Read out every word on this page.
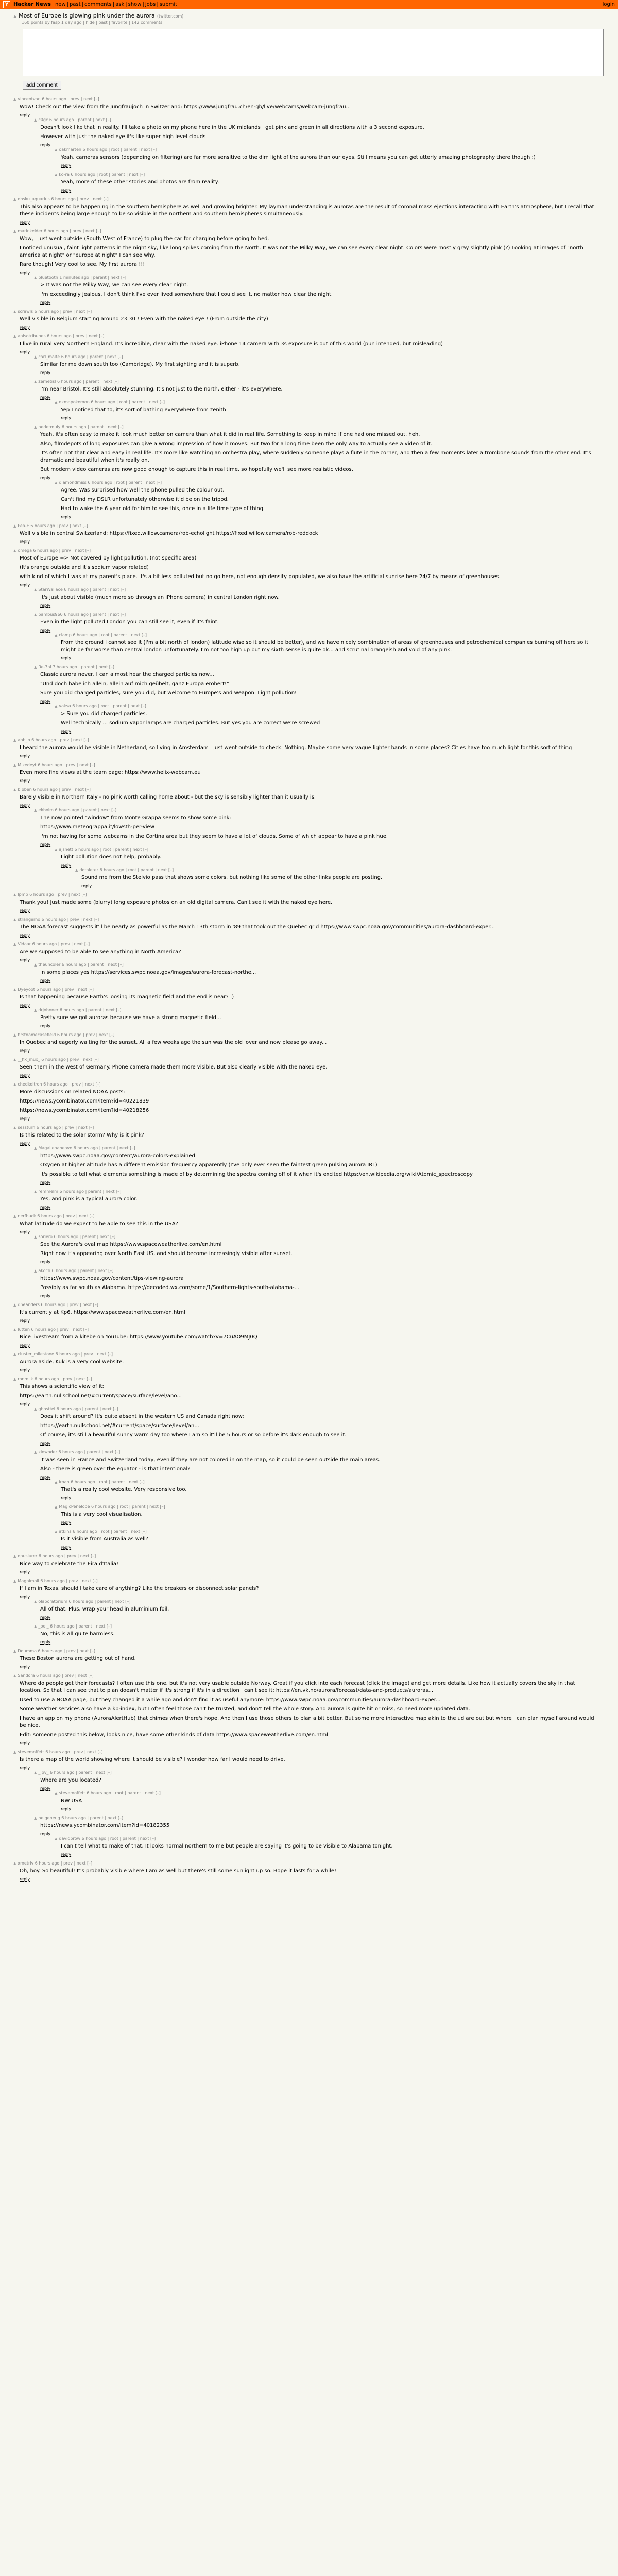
Y Hacker News new | past | comments | ask | show | jobs | submit	login
▲ Most of Europe is glowing pink under the aurora (twitter.com)
160 points by fasp 1 day ago | hide | past | favorite | 142 comments

add comment
▲ vincentvan 6 hours ago | prev | next [–]

Wow! Check out the view from the Jungfraujoch in Switzerland: https://www.jungfrau.ch/en-gb/live/webcams/webcam-jungfrau...

reply
▲ c0gc 6 hours ago | parent | next [–]

Doesn't look like that in reality. I'll take a photo on my phone here in the UK midlands I get pink and green in all directions with a 3 second exposure.

However with just the naked eye it's like super high level clouds

reply
▲ oakmarten 6 hours ago | root | parent | next [–]

Yeah, cameras sensors (depending on filtering) are far more sensitive to the dim light of the aurora than our eyes. Still means you can get utterly amazing photography there though :)

reply
▲ ko-ra 6 hours ago | root | parent | next [–]

Yeah, more of these other stories and photos are from reality.

reply
▲ obsku_aquarius 6 hours ago | prev | next [–]

This also appears to be happening in the southern hemisphere as well and growing brighter. My layman understanding is auroras are the result of coronal mass ejections interacting with Earth's atmosphere, but I recall that these incidents being large enough to be so visible in the northern and southern hemispheres simultaneously.

reply
▲ marinkelder 6 hours ago | prev | next [–]

Wow, I just went outside (South West of France) to plug the car for charging before going to bed.

I noticed unusual, faint light patterns in the night sky, like long spikes coming from the North. It was not the Milky Way, we can see every clear night. Colors were mostly gray slightly pink (?) Looking at images of "north america at night" or "europe at night" I can see why.

Rare though! Very cool to see. My first aurora !!!

reply
▲ bluetooth 1 minutes ago | parent | next [–]

> It was not the Milky Way, we can see every clear night.

I'm exceedingly jealous. I don't think I've ever lived somewhere that I could see it, no matter how clear the night.

reply
▲ scrawls 6 hours ago | prev | next [–]

Well visible in Belgium starting around 23:30 ! Even with the naked eye ! (From outside the city)

reply
▲ anisotribunes 6 hours ago | prev | next [–]

I live in rural very Northern England. It's incredible, clear with the naked eye. iPhone 14 camera with 3s exposure is out of this world (pun intended, but misleading)

reply
▲ carl_malte 6 hours ago | parent | next [–]

Similar for me down south too (Cambridge). My first sighting and it is superb.

reply
▲ zernetisl 6 hours ago | parent | next [–]

I'm near Bristol. It's still absolutely stunning. It's not just to the north, either - it's everywhere.

reply
▲ dkmapokemon 6 hours ago | root | parent | next [–]

Yep I noticed that to, it's sort of bathing everywhere from zenith

reply
▲ nedetmuly 6 hours ago | parent | next [–]

Yeah, it's often easy to make it look much better on camera than what it did in real life. Something to keep in mind if one had one missed out, heh.

Also, filmdepots of long exposures can give a wrong impression of how it moves. But two for a long time been the only way to actually see a video of it.

It's often not that clear and easy in real life. It's more like watching an orchestra play, where suddenly someone plays a flute in the corner, and then a few moments later a trombone sounds from the other end. It's dramatic and beautiful when it's really on.

But modern video cameras are now good enough to capture this in real time, so hopefully we'll see more realistic videos.

reply
▲ diamondmiss 6 hours ago | root | parent | next [–]

Agree. Was surprised how well the phone pulled the colour out.

Can't find my DSLR unfortunately otherwise it'd be on the tripod.

Had to wake the 6 year old for him to see this, once in a life time type of thing

reply
▲ Pea-E 6 hours ago | prev | next [–]

Well visible in central Switzerland: https://fixed.willow.camera/rob-echolight https://fixed.willow.camera/rob-reddock

reply
▲ omega 6 hours ago | prev | next [–]

Most of Europe => Not covered by light pollution. (not specific area)

(It's orange outside and it's sodium vapor related)

with kind of which I was at my parent's place. It's a bit less polluted but no go here, not enough density populated, we also have the artificial sunrise here 24/7 by means of greenhouses.

reply
▲ StarWallace 6 hours ago | parent | next [–]

It's just about visible (much more so through an iPhone camera) in central London right now.

reply
▲ bambus960 6 hours ago | parent | next [–]

Even in the light polluted London you can still see it, even if it's faint.

reply
▲ clamp 6 hours ago | root | parent | next [–]

From the ground I cannot see it (I'm a bit north of london) latitude wise so it should be better), and we have nicely combination of areas of greenhouses and petrochemical companies burning off here so it might be far worse than central london unfortunately. I'm not too high up but my sixth sense is quite ok... and scrutinal orangeish and void of any pink.

reply
▲ Re-3al 7 hours ago | parent | next [–]

Classic aurora never, I can almost hear the charged particles now...

"Und doch habe ich allein, allein auf mich geübelt, ganz Europa erobert!"

Sure you did charged particles, sure you did, but welcome to Europe's and weapon: Light pollution!

reply
▲ vaksa 6 hours ago | root | parent | next [–]

> Sure you did charged particles.

Well technically ... sodium vapor lamps are charged particles. But yes you are correct we're screwed

reply
▲ abb_b 6 hours ago | prev | next [–]

I heard the aurora would be visible in Netherland, so living in Amsterdam I just went outside to check. Nothing. Maybe some very vague lighter bands in some places? Cities have too much light for this sort of thing

reply
▲ Mikedeyt 6 hours ago | prev | next [–]

Even more fine views at the team page: https://www.helix-webcam.eu

reply
▲ bibben 6 hours ago | prev | next [–]

Barely visible in Northern Italy - no pink worth calling home about - but the sky is sensibly lighter than it usually is.

reply
▲ ekholm 6 hours ago | parent | next [–]

The now pointed "window" from Monte Grappa seems to show some pink:

https://www.meteograppa.it/lowsth-per-view

I'm not having for some webcams in the Cortina area but they seem to have a lot of clouds. Some of which appear to have a pink hue.

reply
▲ ajsnett 6 hours ago | root | parent | next [–]

Light pollution does not help, probably.

reply
▲ dotaleter 6 hours ago | root | parent | next [–]

Sound me from the Stelvio pass that shows some colors, but nothing like some of the other links people are posting.

reply
▲ lpmp 6 hours ago | prev | next [–]

Thank you! Just made some (blurry) long exposure photos on an old digital camera. Can't see it with the naked eye here.

reply
▲ strangerno 6 hours ago | prev | next [–]

The NOAA forecast suggests it'll be nearly as powerful as the March 13th storm in '89 that took out the Quebec grid https://www.swpc.noaa.gov/communities/aurora-dashboard-exper...

reply
▲ Vidaar 6 hours ago | prev | next [–]

Are we supposed to be able to see anything in North America?

reply
▲ theuncoler 6 hours ago | parent | next [–]

In some places yes https://services.swpc.noaa.gov/images/aurora-forecast-northe...

reply
▲ Dyeyoot 6 hours ago | prev | next [–]

Is that happening because Earth's loosing its magnetic field and the end is near? :)

reply
▲ drjohnner 6 hours ago | parent | next [–]

Pretty sure we got auroras because we have a strong magnetic field...

reply
▲ firstnamecasefield 6 hours ago | prev | next [–]

In Quebec and eagerly waiting for the sunset. All a few weeks ago the sun was the old lover and now please go away...

reply
▲ __fix_mux_ 6 hours ago | prev | next [–]

Seen them in the west of Germany. Phone camera made them more visible. But also clearly visible with the naked eye.

reply
▲ chedkeltron 6 hours ago | prev | next [–]

More discussions on related NOAA posts:

https://news.ycombinator.com/item?id=40221839

https://news.ycombinator.com/item?id=40218256

reply
▲ sessturn 6 hours ago | prev | next [–]

Is this related to the solar storm? Why is it pink?

reply
▲ Magallenaheave 6 hours ago | parent | next [–]

https://www.swpc.noaa.gov/content/aurora-colors-explained

Oxygen at higher altitude has a different emission frequency apparently (I've only ever seen the faintest green pulsing aurora IRL)

It's possible to tell what elements something is made of by determining the spectra coming off of it when it's excited https://en.wikipedia.org/wiki/Atomic_spectroscopy

reply
▲ remmelm 6 hours ago | parent | next [–]

Yes, and pink is a typical aurora color.

reply
▲ nerfbuck 6 hours ago | prev | next [–]

What latitude do we expect to be able to see this in the USA?

reply
▲ soriero 6 hours ago | parent | next [–]

See the Aurora's oval map https://www.spaceweatherlive.com/en.html

Right now it's appearing over North East US, and should become increasingly visible after sunset.

reply
▲ akoch 6 hours ago | parent | next [–]

https://www.swpc.noaa.gov/content/tips-viewing-aurora

Possibly as far south as Alabama. https://decoded.wx.com/some/1/Southern-lights-south-alabama-...

reply
▲ dheanders 6 hours ago | prev | next [–]

It's currently at Kp6. https://www.spaceweatherlive.com/en.html

reply
▲ lutten 6 hours ago | prev | next [–]

Nice livestream from a kitebe on YouTube: https://www.youtube.com/watch?v=7CuAO9MJ0Q

reply
▲ cluster_milestone 6 hours ago | prev | next [–]

Aurora aside, Kuk is a very cool website.

reply
▲ ronmilk 6 hours ago | prev | next [–]

This shows a scientific view of it:

https://earth.nullschool.net/#current/space/surface/level/ano...

reply
▲ ghosttel 6 hours ago | parent | next [–]

Does it shift around? It's quite absent in the western US and Canada right now:

https://earth.nullschool.net/#current/space/surface/level/an...

Of course, it's still a beautiful sunny warm day too where I am so it'll be 5 hours or so before it's dark enough to see it.

reply
▲ kiowoder 6 hours ago | parent | next [–]

It was seen in France and Switzerland today, even if they are not colored in on the map, so it could be seen outside the main areas.

Also - there is green over the equator - is that intentional?

reply
▲ iroah 6 hours ago | root | parent | next [–]

That's a really cool website. Very responsive too.

reply
▲ MagicPenelope 6 hours ago | root | parent | next [–]

This is a very cool visualisation.

reply
▲ atkins 6 hours ago | root | parent | next [–]

Is it visible from Australia as well?

reply
▲ opuslurer 6 hours ago | prev | next [–]

Nice way to celebrate the Eira d'Italia!

reply
▲ Magnimoll 6 hours ago | prev | next [–]

If I am in Texas, should I take care of anything? Like the breakers or disconnect solar panels?

reply
▲ olaboratorium 6 hours ago | parent | next [–]

All of that. Plus, wrap your head in aluminium foil.

reply
▲ _pei_ 6 hours ago | parent | next [–]

No, this is all quite harmless.

reply
▲ Doumma 6 hours ago | prev | next [–]

These Boston aurora are getting out of hand.

reply
▲ Sandora 6 hours ago | prev | next [–]

Where do people get their forecasts? I often use this one, but it's not very usable outside Norway. Great if you click into each forecast (click the image) and get more details. Like how it actually covers the sky in that location. So that I can see that to plan doesn't matter if it's strong if it's in a direction I can't see it: https://en.vk.no/aurora/forecast/data-and-products/auroras...

Used to use a NOAA page, but they changed it a while ago and don't find it as useful anymore: https://www.swpc.noaa.gov/communities/aurora-dashboard-exper...

Some weather services also have a kp-index, but I often feel those can't be trusted, and don't tell the whole story. And aurora is quite hit or miss, so need more updated data.

I have an app on my phone (AuroraAlertHub) that chimes when there's hope. And then I use those others to plan a bit better. But some more interactive map akin to the ud are out but where I can plan myself around would be nice.

Edit: someone posted this below, looks nice, have some other kinds of data https://www.spaceweatherlive.com/en.html

reply
▲ stevemoffett 6 hours ago | prev | next [–]

Is there a map of the world showing where it should be visible? I wonder how far I would need to drive.

reply
▲ _ipv_ 6 hours ago | parent | next [–]

Where are you located?

reply
▲ stevemoffett 6 hours ago | root | parent | next [–]

NW USA

reply
▲ helgeneug 6 hours ago | parent | next [–]

https://news.ycombinator.com/item?id=40182355

reply
▲ davidbrow 6 hours ago | root | parent | next [–]

I can't tell what to make of that. It looks normal northern to me but people are saying it's going to be visible to Alabama tonight.

reply
▲ xmetriv 6 hours ago | prev | next [–]

Oh, boy. So beautiful! It's probably visible where I am as well but there's still some sunlight up so. Hope it lasts for a while!

reply
